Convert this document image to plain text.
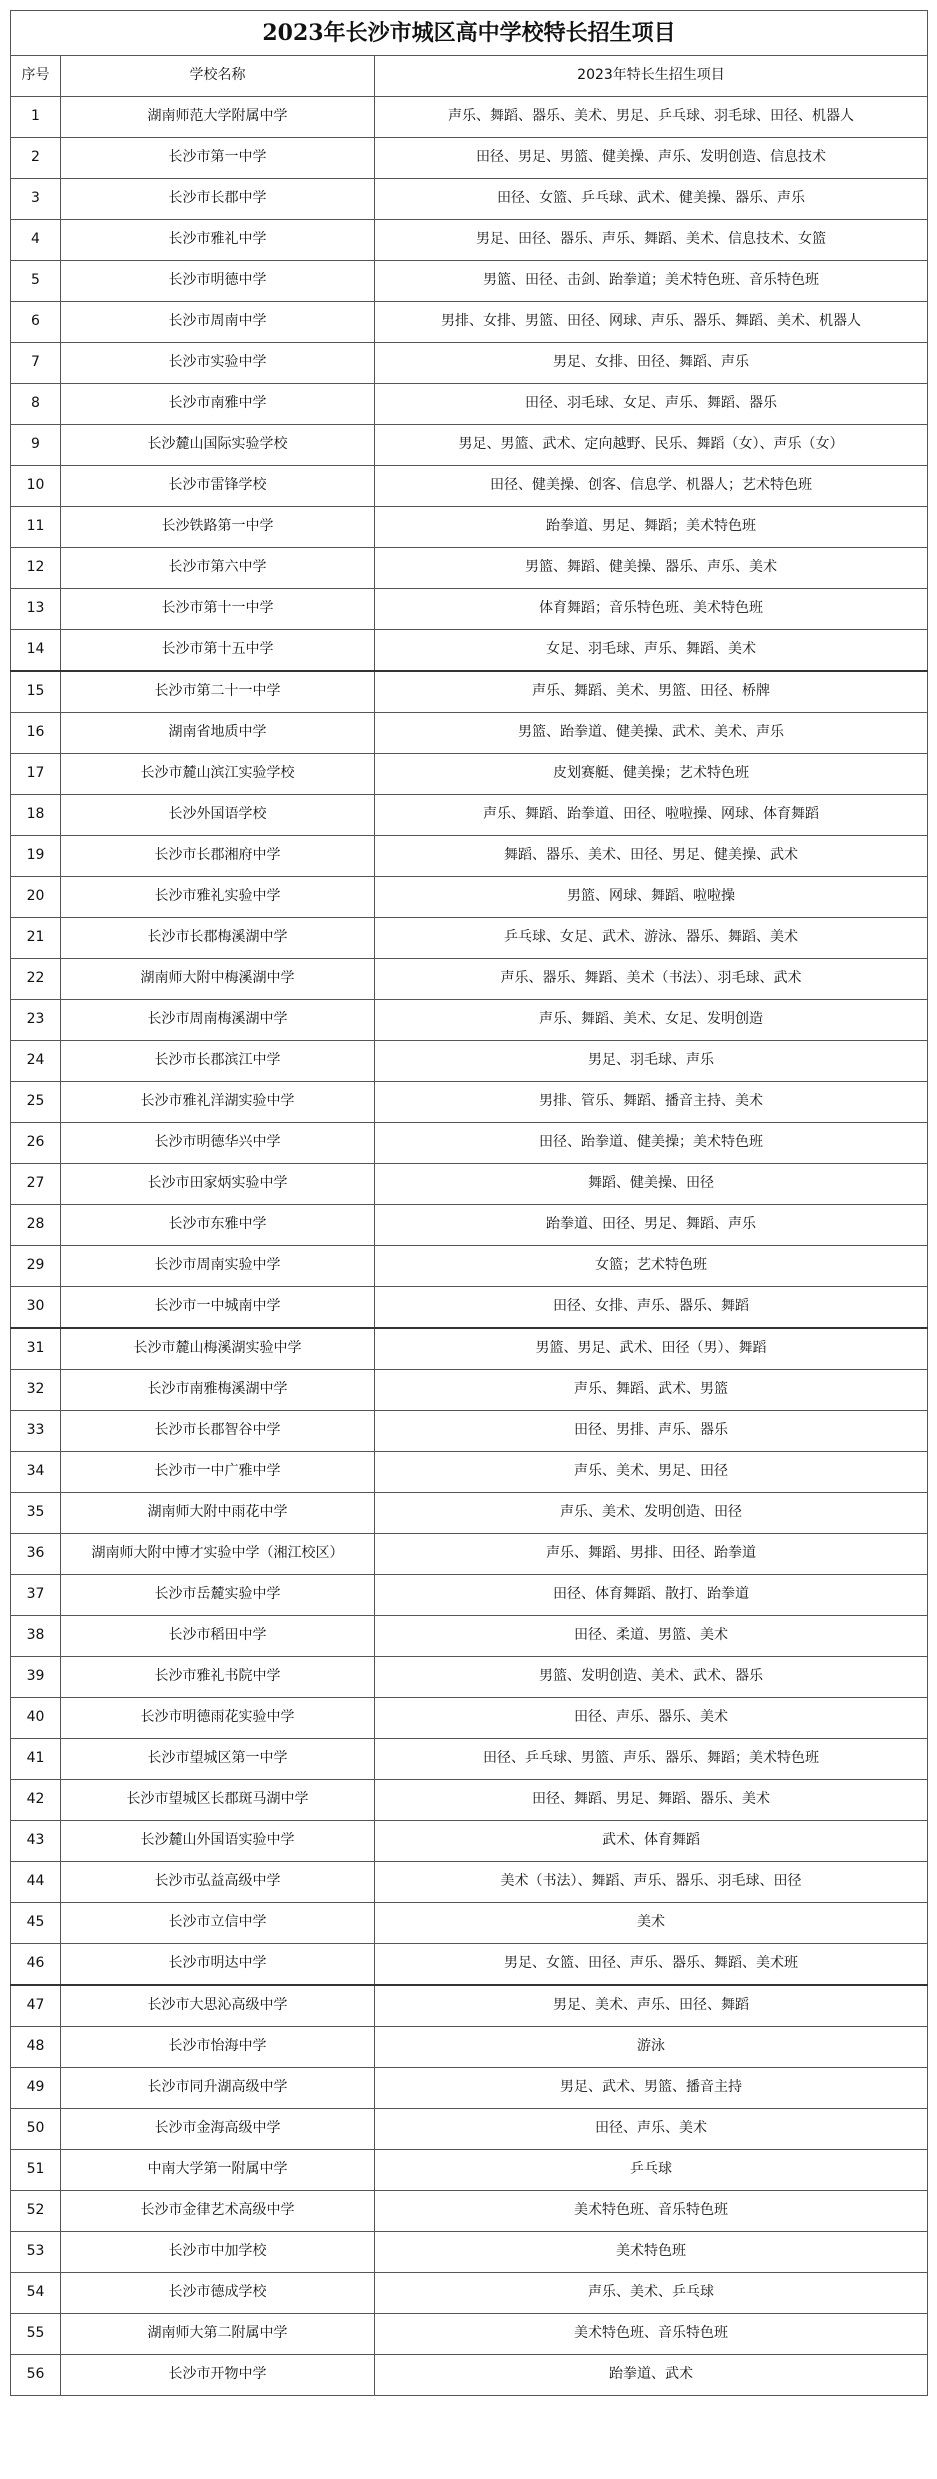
2023年长沙市城区高中学校特长招生项目		
序号	学校名称	2023年特长生招生项目
1	湖南师范大学附属中学	声乐、舞蹈、器乐、美术、男足、乒乓球、羽毛球、田径、机器人
2	长沙市第一中学	田径、男足、男篮、健美操、声乐、发明创造、信息技术
3	长沙市长郡中学	田径、女篮、乒乓球、武术、健美操、器乐、声乐
4	长沙市雅礼中学	男足、田径、器乐、声乐、舞蹈、美术、信息技术、女篮
5	长沙市明德中学	男篮、田径、击剑、跆拳道；美术特色班、音乐特色班
6	长沙市周南中学	男排、女排、男篮、田径、网球、声乐、器乐、舞蹈、美术、机器人
7	长沙市实验中学	男足、女排、田径、舞蹈、声乐
8	长沙市南雅中学	田径、羽毛球、女足、声乐、舞蹈、器乐
9	长沙麓山国际实验学校	男足、男篮、武术、定向越野、民乐、舞蹈（女）、声乐（女）
10	长沙市雷锋学校	田径、健美操、创客、信息学、机器人；艺术特色班
11	长沙铁路第一中学	跆拳道、男足、舞蹈；美术特色班
12	长沙市第六中学	男篮、舞蹈、健美操、器乐、声乐、美术
13	长沙市第十一中学	体育舞蹈；音乐特色班、美术特色班
14	长沙市第十五中学	女足、羽毛球、声乐、舞蹈、美术
15	长沙市第二十一中学	声乐、舞蹈、美术、男篮、田径、桥牌
16	湖南省地质中学	男篮、跆拳道、健美操、武术、美术、声乐
17	长沙市麓山滨江实验学校	皮划赛艇、健美操；艺术特色班
18	长沙外国语学校	声乐、舞蹈、跆拳道、田径、啦啦操、网球、体育舞蹈
19	长沙市长郡湘府中学	舞蹈、器乐、美术、田径、男足、健美操、武术
20	长沙市雅礼实验中学	男篮、网球、舞蹈、啦啦操
21	长沙市长郡梅溪湖中学	乒乓球、女足、武术、游泳、器乐、舞蹈、美术
22	湖南师大附中梅溪湖中学	声乐、器乐、舞蹈、美术（书法）、羽毛球、武术
23	长沙市周南梅溪湖中学	声乐、舞蹈、美术、女足、发明创造
24	长沙市长郡滨江中学	男足、羽毛球、声乐
25	长沙市雅礼洋湖实验中学	男排、管乐、舞蹈、播音主持、美术
26	长沙市明德华兴中学	田径、跆拳道、健美操；美术特色班
27	长沙市田家炳实验中学	舞蹈、健美操、田径
28	长沙市东雅中学	跆拳道、田径、男足、舞蹈、声乐
29	长沙市周南实验中学	女篮；艺术特色班
30	长沙市一中城南中学	田径、女排、声乐、器乐、舞蹈
31	长沙市麓山梅溪湖实验中学	男篮、男足、武术、田径（男）、舞蹈
32	长沙市南雅梅溪湖中学	声乐、舞蹈、武术、男篮
33	长沙市长郡智谷中学	田径、男排、声乐、器乐
34	长沙市一中广雅中学	声乐、美术、男足、田径
35	湖南师大附中雨花中学	声乐、美术、发明创造、田径
36	湖南师大附中博才实验中学（湘江校区）	声乐、舞蹈、男排、田径、跆拳道
37	长沙市岳麓实验中学	田径、体育舞蹈、散打、跆拳道
38	长沙市稻田中学	田径、柔道、男篮、美术
39	长沙市雅礼书院中学	男篮、发明创造、美术、武术、器乐
40	长沙市明德雨花实验中学	田径、声乐、器乐、美术
41	长沙市望城区第一中学	田径、乒乓球、男篮、声乐、器乐、舞蹈；美术特色班
42	长沙市望城区长郡斑马湖中学	田径、舞蹈、男足、舞蹈、器乐、美术
43	长沙麓山外国语实验中学	武术、体育舞蹈
44	长沙市弘益高级中学	美术（书法）、舞蹈、声乐、器乐、羽毛球、田径
45	长沙市立信中学	美术
46	长沙市明达中学	男足、女篮、田径、声乐、器乐、舞蹈、美术班
47	长沙市大思沁高级中学	男足、美术、声乐、田径、舞蹈
48	长沙市怡海中学	游泳
49	长沙市同升湖高级中学	男足、武术、男篮、播音主持
50	长沙市金海高级中学	田径、声乐、美术
51	中南大学第一附属中学	乒乓球
52	长沙市金律艺术高级中学	美术特色班、音乐特色班
53	长沙市中加学校	美术特色班
54	长沙市德成学校	声乐、美术、乒乓球
55	湖南师大第二附属中学	美术特色班、音乐特色班
56	长沙市开物中学	跆拳道、武术
